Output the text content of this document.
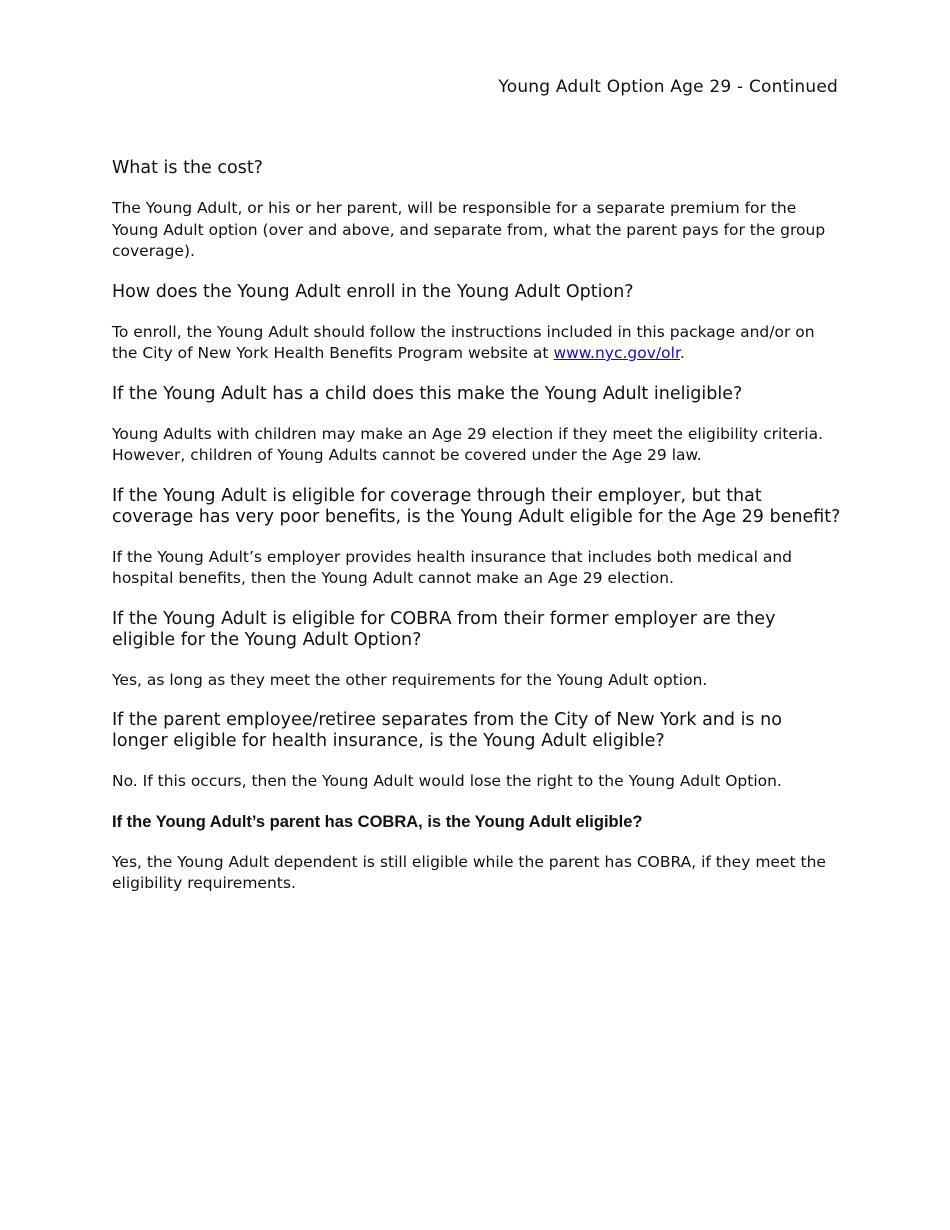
Young Adult Option Age 29 - Continued
What is the cost?

The Young Adult, or his or her parent, will be responsible for a separate premium for the Young Adult option (over and above, and separate from, what the parent pays for the group coverage).

How does the Young Adult enroll in the Young Adult Option?

To enroll, the Young Adult should follow the instructions included in this package and/or on the City of New York Health Benefits Program website at www.nyc.gov/olr.

If the Young Adult has a child does this make the Young Adult ineligible?

Young Adults with children may make an Age 29 election if they meet the eligibility criteria. However, children of Young Adults cannot be covered under the Age 29 law.

If the Young Adult is eligible for coverage through their employer, but that coverage has very poor benefits, is the Young Adult eligible for the Age 29 benefit?

If the Young Adult’s employer provides health insurance that includes both medical and hospital benefits, then the Young Adult cannot make an Age 29 election.

If the Young Adult is eligible for COBRA from their former employer are they eligible for the Young Adult Option?

Yes, as long as they meet the other requirements for the Young Adult option.

If the parent employee/retiree separates from the City of New York and is no longer eligible for health insurance, is the Young Adult eligible?

No. If this occurs, then the Young Adult would lose the right to the Young Adult Option.

If the Young Adult’s parent has COBRA, is the Young Adult eligible?

Yes, the Young Adult dependent is still eligible while the parent has COBRA, if they meet the eligibility requirements.
